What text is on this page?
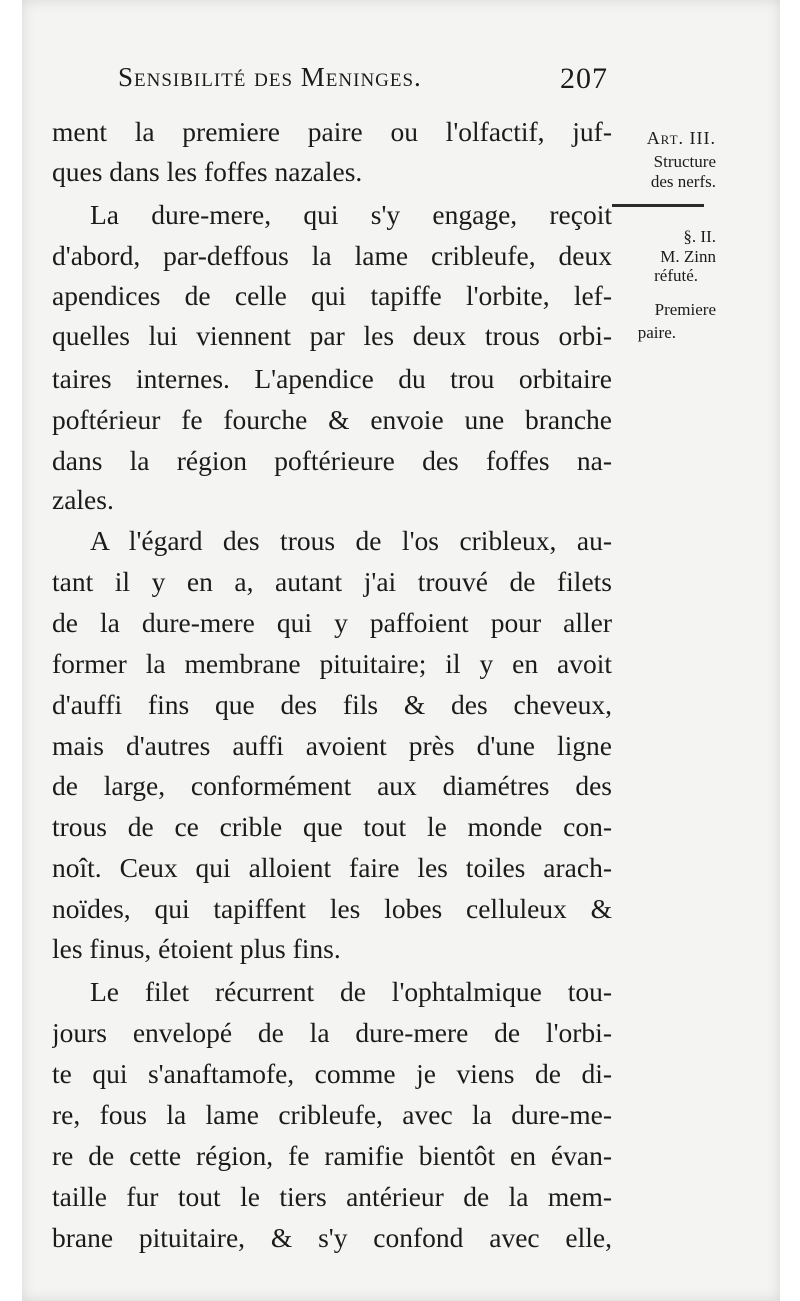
Sensibilité des Meninges.	207
ment la premiere paire ou l'olfactif, juf-
ques dans les foffes nazales.
La dure-mere, qui s'y engage, reçoit
d'abord, par-deffous la lame cribleufe, deux
apendices de celle qui tapiffe l'orbite, lef-
quelles lui viennent par les deux trous orbi-
taires internes. L'apendice du trou orbitaire
poftérieur fe fourche & envoie une branche
dans la région poftérieure des foffes na-
zales.
A l'égard des trous de l'os cribleux, au-
tant il y en a, autant j'ai trouvé de filets
de la dure-mere qui y paffoient pour aller
former la membrane pituitaire; il y en avoit
d'auffi fins que des fils & des cheveux,
mais d'autres auffi avoient près d'une ligne
de large, conformément aux diamétres des
trous de ce crible que tout le monde con-
noît. Ceux qui alloient faire les toiles arach-
noïdes, qui tapiffent les lobes celluleux &
les finus, étoient plus fins.
Le filet récurrent de l'ophtalmique tou-
jours envelopé de la dure-mere de l'orbi-
te qui s'anaftamofe, comme je viens de di-
re, fous la lame cribleufe, avec la dure-me-
re de cette région, fe ramifie bientôt en évan-
taille fur tout le tiers antérieur de la mem-
brane pituitaire, & s'y confond avec elle,
Art. III.
Structure
des nerfs.
§. II.
M. Zinn
réfuté.
Premiere
paire.
